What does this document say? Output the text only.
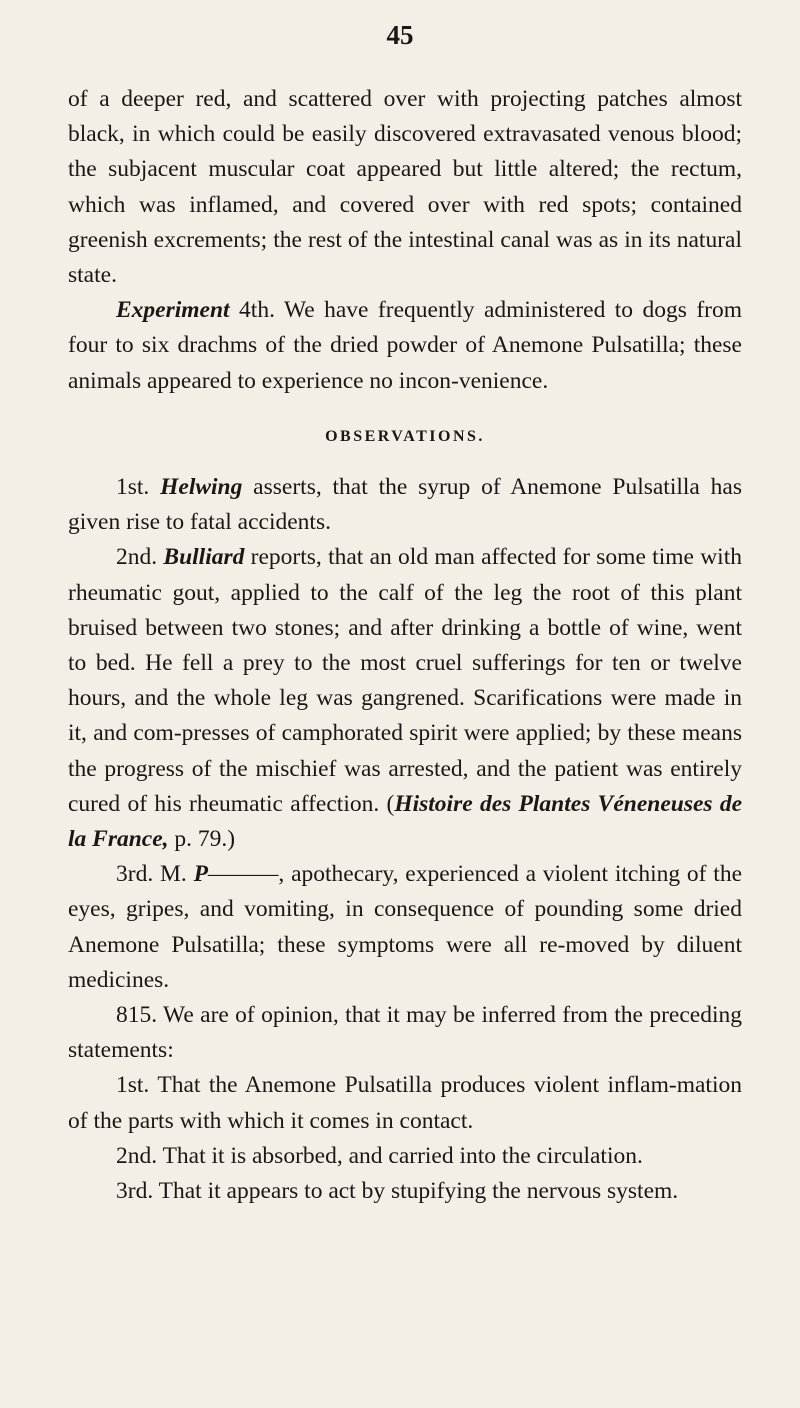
45

of a deeper red, and scattered over with projecting patches almost black, in which could be easily discovered extravasated venous blood; the subjacent muscular coat appeared but little altered; the rectum, which was inflamed, and covered over with red spots; contained greenish excrements; the rest of the intestinal canal was as in its natural state.

Experiment 4th. We have frequently administered to dogs from four to six drachms of the dried powder of Anemone Pulsatilla; these animals appeared to experience no incon-venience.

OBSERVATIONS.

1st. Helwing asserts, that the syrup of Anemone Pulsatilla has given rise to fatal accidents.

2nd. Bulliard reports, that an old man affected for some time with rheumatic gout, applied to the calf of the leg the root of this plant bruised between two stones; and after drinking a bottle of wine, went to bed. He fell a prey to the most cruel sufferings for ten or twelve hours, and the whole leg was gangrened. Scarifications were made in it, and com-presses of camphorated spirit were applied; by these means the progress of the mischief was arrested, and the patient was entirely cured of his rheumatic affection. (Histoire des Plantes Véneneuses de la France, p. 79.)

3rd. M. P———, apothecary, experienced a violent itching of the eyes, gripes, and vomiting, in consequence of pounding some dried Anemone Pulsatilla; these symptoms were all re-moved by diluent medicines.

815. We are of opinion, that it may be inferred from the preceding statements:

1st. That the Anemone Pulsatilla produces violent inflam-mation of the parts with which it comes in contact.

2nd. That it is absorbed, and carried into the circulation.

3rd. That it appears to act by stupifying the nervous system.
